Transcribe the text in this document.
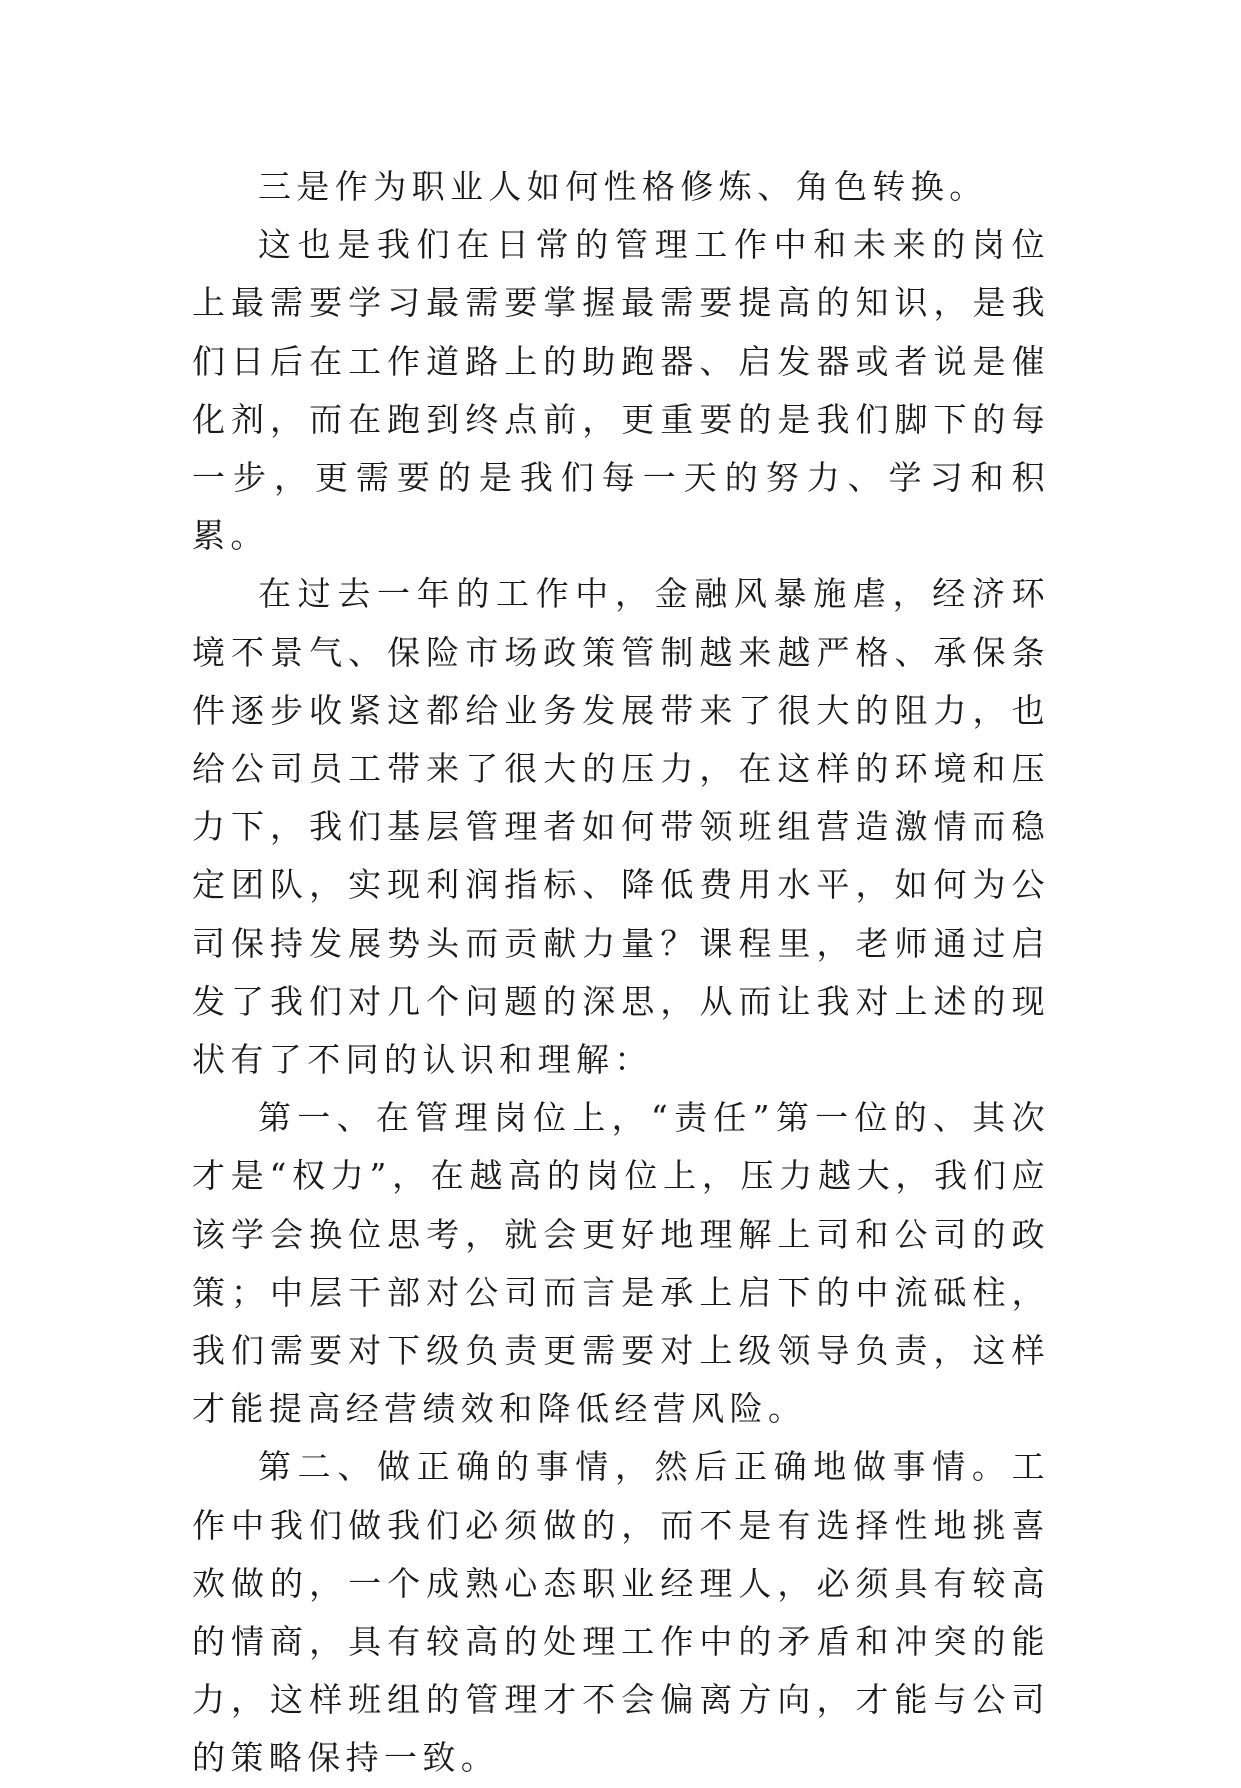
三是作为职业人如何性格修炼、角色转换。

这也是我们在日常的管理工作中和未来的岗位上最需要学习最需要掌握最需要提高的知识，是我们日后在工作道路上的助跑器、启发器或者说是催化剂，而在跑到终点前，更重要的是我们脚下的每一步，更需要的是我们每一天的努力、学习和积累。

在过去一年的工作中，金融风暴施虐，经济环境不景气、保险市场政策管制越来越严格、承保条件逐步收紧这都给业务发展带来了很大的阻力，也给公司员工带来了很大的压力，在这样的环境和压力下，我们基层管理者如何带领班组营造激情而稳定团队，实现利润指标、降低费用水平，如何为公司保持发展势头而贡献力量？课程里，老师通过启发了我们对几个问题的深思，从而让我对上述的现状有了不同的认识和理解：

第一、在管理岗位上，“责任”第一位的、其次才是“权力”，在越高的岗位上，压力越大，我们应该学会换位思考，就会更好地理解上司和公司的政策；中层干部对公司而言是承上启下的中流砥柱，我们需要对下级负责更需要对上级领导负责，这样才能提高经营绩效和降低经营风险。

第二、做正确的事情，然后正确地做事情。工作中我们做我们必须做的，而不是有选择性地挑喜欢做的，一个成熟心态职业经理人，必须具有较高的情商，具有较高的处理工作中的矛盾和冲突的能力，这样班组的管理才不会偏离方向，才能与公司的策略保持一致。
